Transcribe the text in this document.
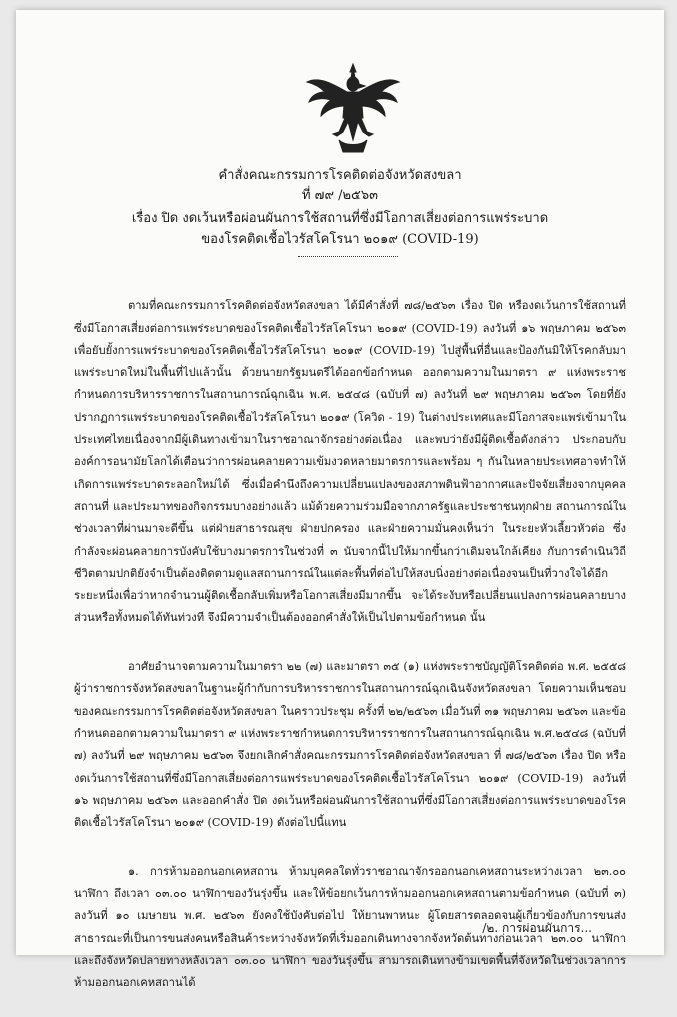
คำสั่งคณะกรรมการโรคติดต่อจังหวัดสงขลา
ที่ ๗๙ /๒๕๖๓
เรื่อง ปิด งดเว้นหรือผ่อนผันการใช้สถานที่ซึ่งมีโอกาสเสี่ยงต่อการแพร่ระบาด
ของโรคติดเชื้อไวรัสโคโรนา ๒๐๑๙ (COVID-19)

ตามที่คณะกรรมการโรคติดต่อจังหวัดสงขลา ได้มีคำสั่งที่ ๗๘/๒๕๖๓ เรื่อง ปิด หรืองดเว้นการใช้สถานที่ซึ่งมีโอกาสเสี่ยงต่อการแพร่ระบาดของโรคติดเชื้อไวรัสโคโรนา ๒๐๑๙ (COVID-19) ลงวันที่ ๑๖ พฤษภาคม ๒๕๖๓ เพื่อยับยั้งการแพร่ระบาดของโรคติดเชื้อไวรัสโคโรนา ๒๐๑๙ (COVID-19) ไปสู่พื้นที่อื่นและป้องกันมิให้โรคกลับมาแพร่ระบาดใหม่ในพื้นที่ไปแล้วนั้น ด้วยนายกรัฐมนตรีได้ออกข้อกำหนด ออกตามความในมาตรา ๙ แห่งพระราชกำหนดการบริหารราชการในสถานการณ์ฉุกเฉิน พ.ศ. ๒๕๔๘ (ฉบับที่ ๗) ลงวันที่ ๒๙ พฤษภาคม ๒๕๖๓ โดยที่ยังปรากฏการแพร่ระบาดของโรคติดเชื้อไวรัสโคโรนา ๒๐๑๙ (โควิด - 19) ในต่างประเทศและมีโอกาสจะแพร่เข้ามาในประเทศไทยเนื่องจากมีผู้เดินทางเข้ามาในราชอาณาจักรอย่างต่อเนื่อง และพบว่ายังมีผู้ติดเชื้อดังกล่าว ประกอบกับองค์การอนามัยโลกได้เตือนว่าการผ่อนคลายความเข้มงวดหลายมาตรการและพร้อม ๆ กันในหลายประเทศอาจทำให้เกิดการแพร่ระบาดระลอกใหม่ได้ ซึ่งเมื่อคำนึงถึงความเปลี่ยนแปลงของสภาพดินฟ้าอากาศและปัจจัยเสี่ยงจากบุคคล สถานที่ และประมาทของกิจกรรมบางอย่างแล้ว แม้ด้วยความร่วมมือจากภาครัฐและประชาชนทุกฝ่าย สถานการณ์ในช่วงเวลาที่ผ่านมาจะดีขึ้น แต่ฝ่ายสาธารณสุข ฝ่ายปกครอง และฝ่ายความมั่นคงเห็นว่า ในระยะหัวเลี้ยวหัวต่อ ซึ่งกำลังจะผ่อนคลายการบังคับใช้บางมาตรการในช่วงที่ ๓ นับจากนี้ไปให้มากขึ้นกว่าเดิมจนใกล้เคียง กับการดำเนินวิถีชีวิตตามปกติยังจำเป็นต้องติดตามดูแลสถานการณ์ในแต่ละพื้นที่ต่อไปให้สงบนิ่งอย่างต่อเนื่องจนเป็นที่วางใจได้อีกระยะหนึ่งเพื่อว่าหากจำนวนผู้ติดเชื้อกลับเพิ่มหรือโอกาสเสี่ยงมีมากขึ้น จะได้ระงับหรือเปลี่ยนแปลงการผ่อนคลายบางส่วนหรือทั้งหมดได้ทันท่วงที จึงมีความจำเป็นต้องออกคำสั่งให้เป็นไปตามข้อกำหนด นั้น

อาศัยอำนาจตามความในมาตรา ๒๒ (๗) และมาตรา ๓๕ (๑) แห่งพระราชบัญญัติโรคติดต่อ พ.ศ. ๒๕๕๘ ผู้ว่าราชการจังหวัดสงขลาในฐานะผู้กำกับการบริหารราชการในสถานการณ์ฉุกเฉินจังหวัดสงขลา โดยความเห็นชอบของคณะกรรมการโรคติดต่อจังหวัดสงขลา ในคราวประชุม ครั้งที่ ๒๒/๒๕๖๓ เมื่อวันที่ ๓๑ พฤษภาคม ๒๕๖๓ และข้อกำหนดออกตามความในมาตรา ๙ แห่งพระราชกำหนดการบริหารราชการในสถานการณ์ฉุกเฉิน พ.ศ.๒๕๔๘ (ฉบับที่ ๗) ลงวันที่ ๒๙ พฤษภาคม ๒๕๖๓ จึงยกเลิกคำสั่งคณะกรรมการโรคติดต่อจังหวัดสงขลา ที่ ๗๘/๒๕๖๓ เรื่อง ปิด หรืองดเว้นการใช้สถานที่ซึ่งมีโอกาสเสี่ยงต่อการแพร่ระบาดของโรคติดเชื้อไวรัสโคโรนา ๒๐๑๙ (COVID-19) ลงวันที่ ๑๖ พฤษภาคม ๒๕๖๓ และออกคำสั่ง ปิด งดเว้นหรือผ่อนผันการใช้สถานที่ซึ่งมีโอกาสเสี่ยงต่อการแพร่ระบาดของโรคติดเชื้อไวรัสโคโรนา ๒๐๑๙ (COVID-19) ดังต่อไปนี้แทน

๑. การห้ามออกนอกเคหสถาน ห้ามบุคคลใดทั่วราชอาณาจักรออกนอกเคหสถานระหว่างเวลา ๒๓.๐๐ นาฬิกา ถึงเวลา ๐๓.๐๐ นาฬิกาของวันรุ่งขึ้น และให้ข้อยกเว้นการห้ามออกนอกเคหสถานตามข้อกำหนด (ฉบับที่ ๓) ลงวันที่ ๑๐ เมษายน พ.ศ. ๒๕๖๓ ยังคงใช้บังคับต่อไป ให้ยานพาหนะ ผู้โดยสารตลอดจนผู้เกี่ยวข้องกับการขนส่งสาธารณะที่เป็นการขนส่งคนหรือสินค้าระหว่างจังหวัดที่เริ่มออกเดินทางจากจังหวัดต้นทางก่อนเวลา ๒๓.๐๐ นาฬิกา และถึงจังหวัดปลายทางหลังเวลา ๐๓.๐๐ นาฬิกา ของวันรุ่งขึ้น สามารถเดินทางข้ามเขตพื้นที่จังหวัดในช่วงเวลาการห้ามออกนอกเคหสถานได้

/๒. การผ่อนผันการ...
